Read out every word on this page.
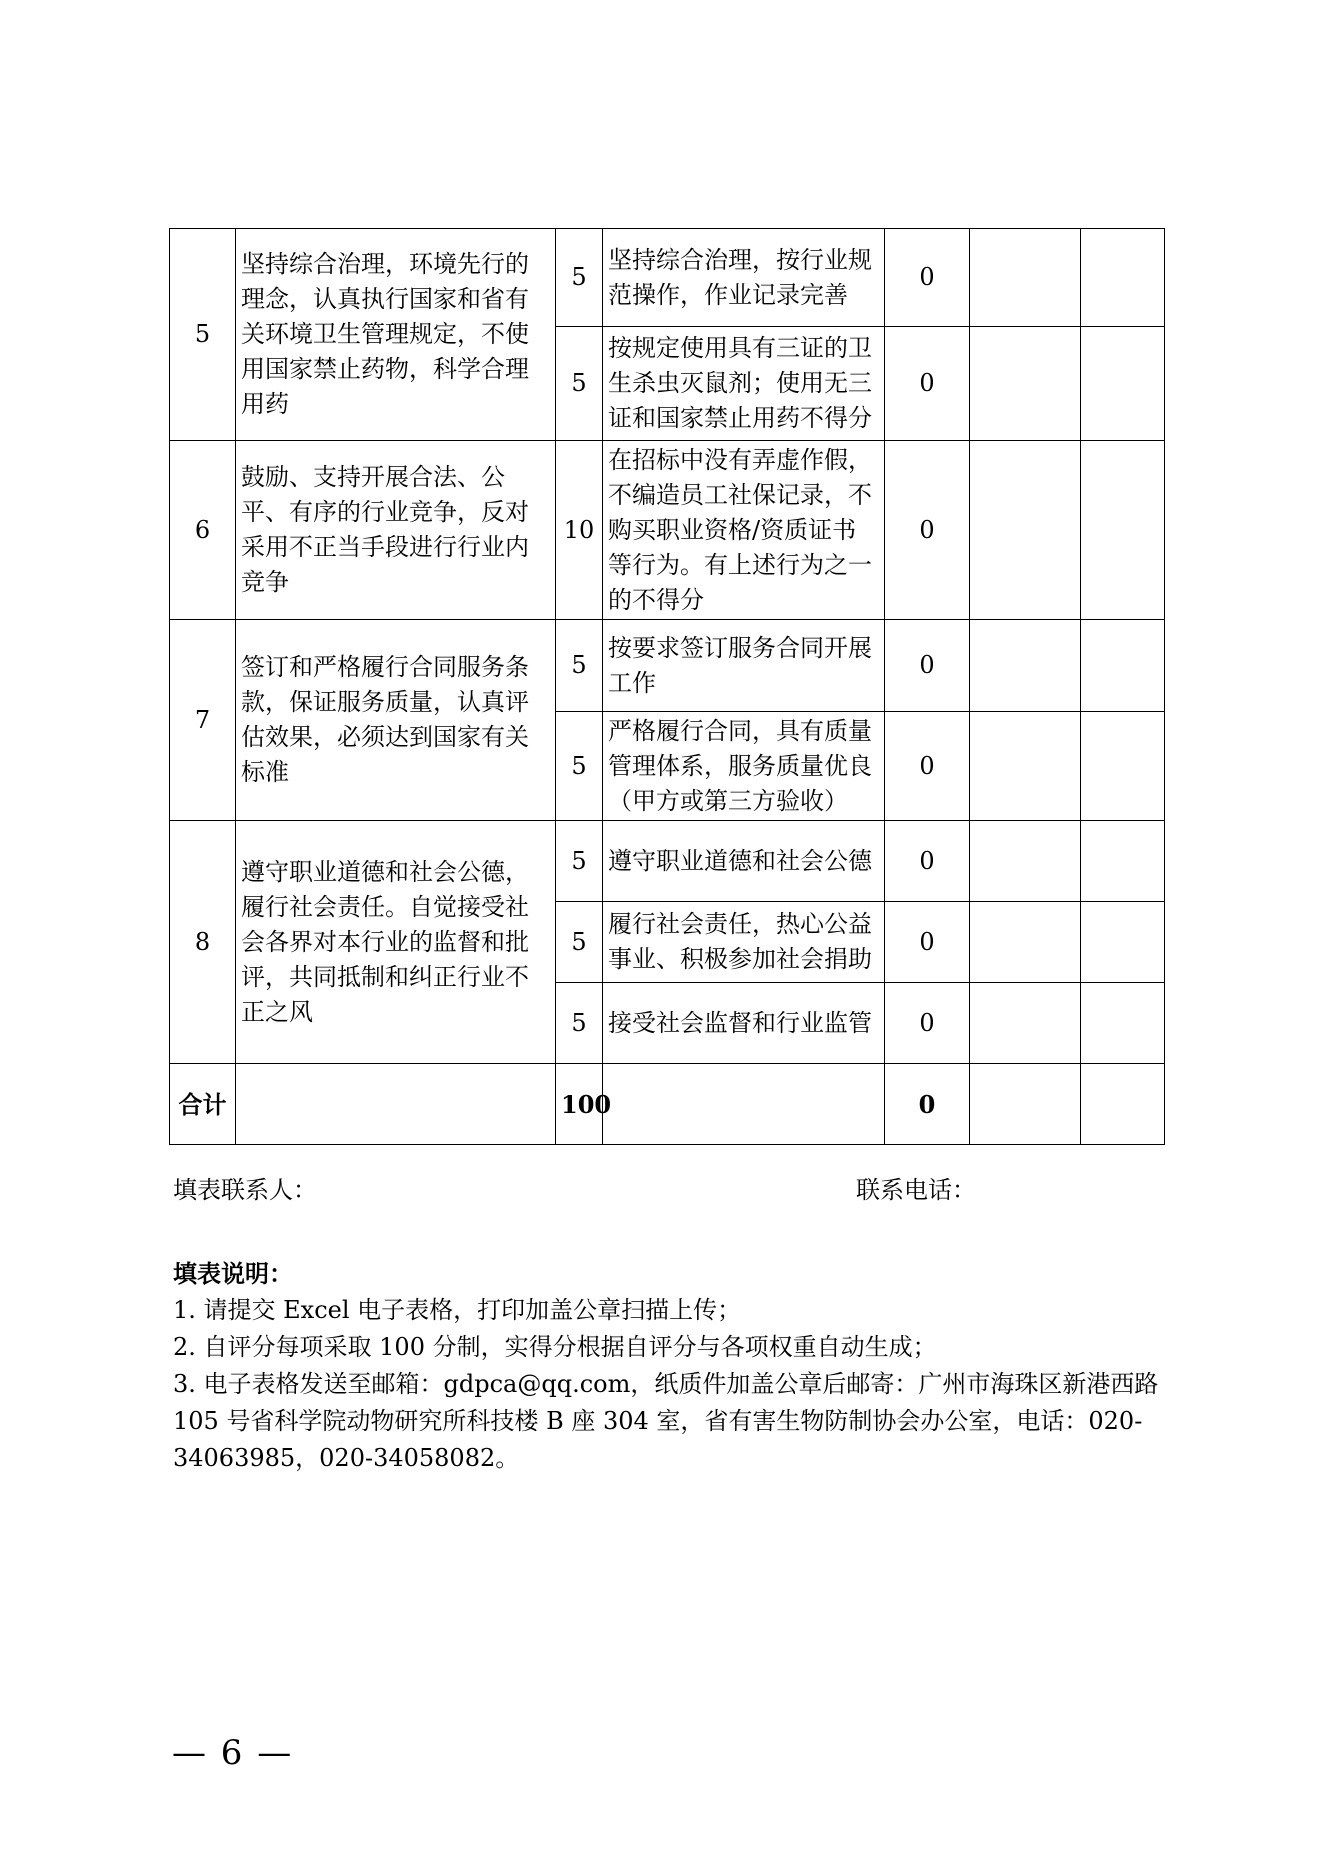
5	坚持综合治理，环境先行的理念，认真执行国家和省有关环境卫生管理规定，不使用国家禁止药物，科学合理用药	5	坚持综合治理，按行业规范操作，作业记录完善	0		
		5	按规定使用具有三证的卫生杀虫灭鼠剂；使用无三证和国家禁止用药不得分	0		
6	鼓励、支持开展合法、公平、有序的行业竞争，反对采用不正当手段进行行业内竞争	10	在招标中没有弄虚作假，不编造员工社保记录，不购买职业资格/资质证书等行为。有上述行为之一的不得分	0		
7	签订和严格履行合同服务条款，保证服务质量，认真评估效果，必须达到国家有关标准	5	按要求签订服务合同开展工作	0		
		5	严格履行合同，具有质量管理体系，服务质量优良（甲方或第三方验收）	0		
8	遵守职业道德和社会公德，履行社会责任。自觉接受社会各界对本行业的监督和批评，共同抵制和纠正行业不正之风	5	遵守职业道德和社会公德	0		
		5	履行社会责任，热心公益事业、积极参加社会捐助	0		
		5	接受社会监督和行业监管	0		
合计		100		0		
填表联系人：	联系电话：
填表说明：

1. 请提交 Excel 电子表格，打印加盖公章扫描上传；

2. 自评分每项采取 100 分制，实得分根据自评分与各项权重自动生成；

3. 电子表格发送至邮箱：gdpca@qq.com，纸质件加盖公章后邮寄：广州市海珠区新港西路 105 号省科学院动物研究所科技楼 B 座 304 室，省有害生物防制协会办公室，电话：020-34063985，020-34058082。

— 6 —
